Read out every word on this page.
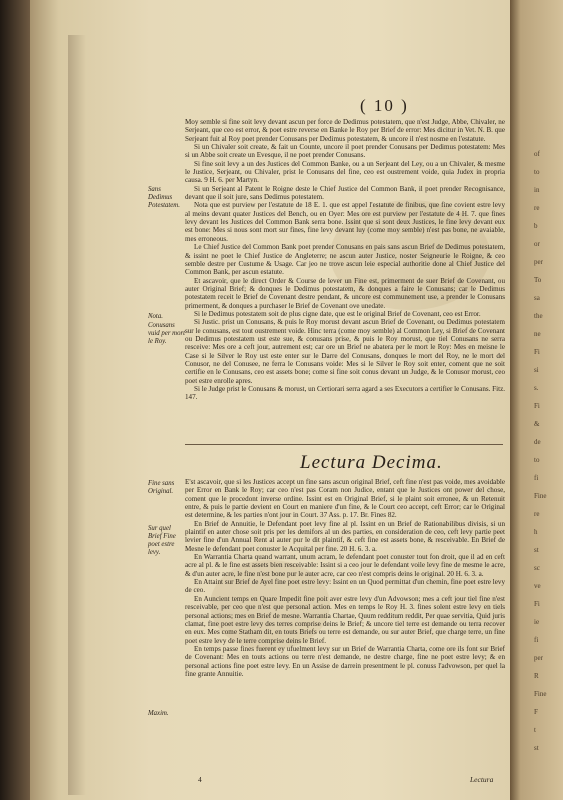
( 10 )
Sans Dedimus Potestatem.
Nota.
Conusans vuid per mort le Roy.

Moy semble si fine soit levy devant ascun per force de Dedimus potestatem, que n'est Judge, Abbe, Chivaler, ne Serjeant, que ceo est error, & poet estre reverse en Banke le Roy per Brief de error: Mes dicitur in Vet. N. B. que Serjeant fuit al Roy poet prender Conusans per Dedimus potestatem, & uncore il n'est nosme en l'estatute.

Si un Chivaler soit create, & fait un Counte, uncore il poet prender Conusans per Dedimus potestatem: Mes si un Abbe soit create un Evesque, il ne poet prender Conusans.

Si fine soit levy a un des Justices del Common Banke, ou a un Serjeant del Ley, ou a un Chivaler, & mesme le Justice, Serjeant, ou Chivaler, prist le Conusans del fine, ceo est oustrement voide, quia Judex in propria causa. 9 H. 6. per Martyn.

Si un Serjeant al Patent le Roigne deste le Chief Justice del Common Bank, il poet prender Recognisance, devant que il soit jure, sans Dedimus potestatem.

Nota que est purview per l'estatute de 18 E. 1. que est appel l'estatute de finibus, que fine covient estre levy al meins devant quater Justices del Bench, ou en Oyer: Mes ore est purview per l'estatute de 4 H. 7. que fines levy devant les Justices del Common Bank serra bone. Issint que si sont deux Justices, le fine levy devant eux est bone: Mes si nous sont mort sur fines, fine levy devant luy (come moy semble) n'est pas bone, ne avaiable, mes erroneous.

Le Chief Justice del Common Bank poet prender Conusans en pais sans ascun Brief de Dedimus potestatem, & issint ne poet le Chief Justice de Angleterre; ne ascun auter Justice, noster Seigneurie le Roigne, & ceo semble destre per Custume & Usage. Car jeo ne trove ascun leie especial authoritie done al Chief Justice del Common Bank, per ascun estatute.

Et ascavoir, que le direct Order & Course de lever un Fine est, primerment de suer Brief de Covenant, ou auter Original Brief; & donques le Dedimus potestatem, & donques a faire le Conusans; car le Dedimus potestatem receit le Brief de Covenant destre pendant, & uncore est communement use, a prender le Conusans primerment, & donques a purchaser le Brief de Covenant ove unedate.

Si le Dedimus potestatem soit de plus cigne date, que est le original Brief de Covenant, ceo est Error.

Si Justic. prist un Conusans, & puis le Roy morust devant ascun Brief de Covenant, ou Dedimus potestatem sur le conusans, est tout oustrement voide. Hinc terra (come moy semble) al Common Ley, si Brief de Covenant ou Dedimus potestatem ust este sue, & conusans prise, & puis le Roy morust, que tiel Conusans ne serra resceive: Mes ore a ceft jour, autrement est; car ore un Brief ne abatera per le mort le Roy: Mes en meisne le Case si le Silver le Roy ust este enter sur le Darre del Conusans, donques le mort del Roy, ne le mort del Conusor, ne del Conusee, ne ferra le Conusans voide: Mes si le Silver le Roy soit enter, coment que ne soit certifie en le Conusans, ceo est assets bone; come si fine soit conus devant un Judge, & le Conusor morust, ceo poet estre enrolle apres.

Si le Judge prist le Conusans & morust, un Certiorari serra agard a ses Executors a certifier le Conusans. Fitz. 147.

Lectura Decima.
Fine sans Original.
Sur quel Brief Fine poet estre levy.
Maxim.

E'st ascavoir, que si les Justices accept un fine sans ascun original Brief, ceft fine n'est pas voide, mes avoidable per Error en Bank le Roy; car ceo n'est pas Coram non Judice, entant que le Justices ont power del chose, coment que le procedont inverse ordine. Issint est en Original Brief, si le plaint soit erronee, & un Retenuit entre, & puis le partie devient en Court en maniere d'un fine, & le Court ceo accept, ceft Error; car le Original est determine, & les parties n'ont jour in Court. 37 Ass. p. 17. Br. Fines 82.

En Brief de Annuitie, le Defendant poet levy fine al pl. Issint en un Brief de Rationabilibus divisis, si un plaintif en auter chose soit pris per les demifors al un des parties, en consideration de ceo, ceft levy partie peet levier fine d'un Annual Rent al auter pur le dit plaintif, & ceft fine est assets bone, & resceivable. En Brief de Mesne le defendant poet conuster le Acquital per fine. 20 H. 6. 3. a.

En Warrantia Charta quand warrant, unum acram, le defendant poet conuster tout fon droit, que il ad en ceft acre al pl. & le fine est assets bien resceivable: Issint si a ceo jour le defendant voile levy fine de mesme le acre, & d'un auter acre, le fine n'est bone pur le auter acre, car ceo n'est compris deins le original. 20 H. 6. 3. a.

En Attaint sur Brief de Ayel fine poet estre levy: Issint en un Quod permittat d'un chemin, fine poet estre levy de ceo.

En Auncient temps en Quare Impedit fine poit aver estre levy d'un Advowson; mes a ceft jour tiel fine n'est resceivable, per ceo que n'est que personal action. Mes en temps le Roy H. 3. fines solent estre levy en tiels personal actions; mes en Brief de mesne. Warrantia Chartae, Quum redditum reddit, Per quae servitia, Quid juris clamat, fine poet estre levy des terres comprise deins le Brief; & uncore tiel terre est demande ou terra recover en eux. Mes come Statham dit, en touts Briefs ou terre est demande, ou sur auter Brief, que charge terre, un fine poet estre levy de le terre comprise deins le Brief.

En temps passe fines fuerent ey ufuelment levy sur un Brief de Warrantia Charta, come ore ils font sur Brief de Covenant: Mes en touts actions ou terre n'est demande, ne destre charge, fine ne poet estre levy; & en personal actions fine poet estre levy. En un Assise de darrein presentment le pl. conuss l'advowson, per quel la fine grante Annuitie.

4	Lectura
of
to
in
re
b
or
per
To
sa
the
ne
Fi
si
s.
Fi
&
de
to
fi
Fine
re
h
st
sc
ve
Fi
ie
fi
per
R
Fine
F
t
st
